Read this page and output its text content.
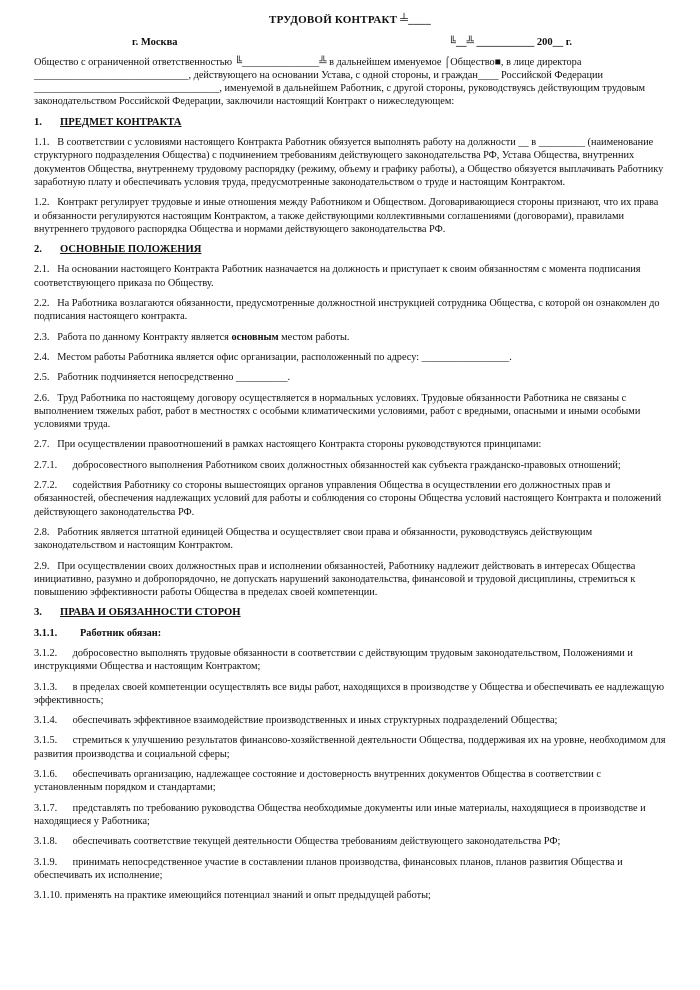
ТРУДОВОЙ КОНТРАКТ ╧____

г. Москва	╚__╩ ___________ 200__ г.

Общество с ограниченной ответственностью ╚_______________╩ в дальнейшем именуемое ⌠Общество■, в лице директора ______________________________, действующего на основании Устава, с одной стороны, и граждан____ Российской Федерации ____________________________________, именуемой в дальнейшем Работник, с другой стороны, руководствуясь действующим трудовым законодательством Российской Федерации, заключили настоящий Контракт о нижеследующем:

1. ПРЕДМЕТ КОНТРАКТА

1.1. В соответствии с условиями настоящего Контракта Работник обязуется выполнять работу на должности __ в _________ (наименование структурного подразделения Общества) с подчинением требованиям действующего законодательства РФ, Устава Общества, внутренних документов Общества, внутреннему трудовому распорядку (режиму, объему и графику работы), а Общество обязуется выплачивать Работнику заработную плату и обеспечивать условия труда, предусмотренные законодательством о труде и настоящим Контрактом.

1.2. Контракт регулирует трудовые и иные отношения между Работником и Обществом. Договаривающиеся стороны признают, что их права и обязанности регулируются настоящим Контрактом, а также действующими коллективными соглашениями (договорами), правилами внутреннего трудового распорядка Общества и нормами действующего законодательства РФ.

2. ОСНОВНЫЕ ПОЛОЖЕНИЯ

2.1. На основании настоящего Контракта Работник назначается на должность и приступает к своим обязанностям с момента подписания соответствующего приказа по Обществу.

2.2. На Работника возлагаются обязанности, предусмотренные должностной инструкцией сотрудника Общества, с которой он ознакомлен до подписания настоящего контракта.

2.3. Работа по данному Контракту является основным местом работы.

2.4. Местом работы Работника является офис организации, расположенный по адресу: _________________.

2.5. Работник подчиняется непосредственно __________.

2.6. Труд Работника по настоящему договору осуществляется в нормальных условиях. Трудовые обязанности Работника не связаны с выполнением тяжелых работ, работ в местностях с особыми климатическими условиями, работ с вредными, опасными и иными особыми условиями труда.

2.7. При осуществлении правоотношений в рамках настоящего Контракта стороны руководствуются принципами:

2.7.1. добросовестного выполнения Работником своих должностных обязанностей как субъекта гражданско-правовых отношений;

2.7.2. содействия Работнику со стороны вышестоящих органов управления Общества в осуществлении его должностных прав и обязанностей, обеспечения надлежащих условий для работы и соблюдения со стороны Общества условий настоящего Контракта и положений действующего законодательства РФ.

2.8. Работник является штатной единицей Общества и осуществляет свои права и обязанности, руководствуясь действующим законодательством и настоящим Контрактом.

2.9. При осуществлении своих должностных прав и исполнении обязанностей, Работнику надлежит действовать в интересах Общества инициативно, разумно и добропорядочно, не допускать нарушений законодательства, финансовой и трудовой дисциплины, стремиться к повышению эффективности работы Общества в пределах своей компетенции.

3. ПРАВА И ОБЯЗАННОСТИ СТОРОН

3.1.1. Работник обязан:

3.1.2. добросовестно выполнять трудовые обязанности в соответствии с действующим трудовым законодательством, Положениями и инструкциями Общества и настоящим Контрактом;

3.1.3. в пределах своей компетенции осуществлять все виды работ, находящихся в производстве у Общества и обеспечивать ее надлежащую эффективность;

3.1.4. обеспечивать эффективное взаимодействие производственных и иных структурных подразделений Общества;

3.1.5. стремиться к улучшению результатов финансово-хозяйственной деятельности Общества, поддерживая их на уровне, необходимом для развития производства и социальной сферы;

3.1.6. обеспечивать организацию, надлежащее состояние и достоверность внутренних документов Общества в соответствии с установленным порядком и стандартами;

3.1.7. представлять по требованию руководства Общества необходимые документы или иные материалы, находящиеся в производстве и находящиеся у Работника;

3.1.8. обеспечивать соответствие текущей деятельности Общества требованиям действующего законодательства РФ;

3.1.9. принимать непосредственное участие в составлении планов производства, финансовых планов, планов развития Общества и обеспечивать их исполнение;

3.1.10. применять на практике имеющийся потенциал знаний и опыт предыдущей работы;
